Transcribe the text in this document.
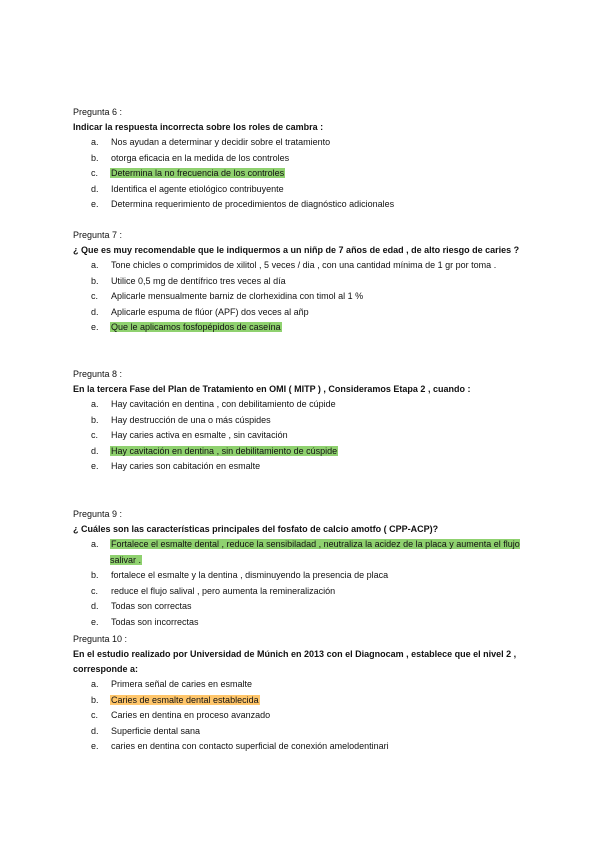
Pregunta 6 :
Indicar la respuesta incorrecta sobre los roles de cambra :
a. Nos ayudan a determinar y decidir sobre el tratamiento
b. otorga eficacia en la medida de los controles
c. Determina la no frecuencia de los controles
d. Identifica el agente etiológico contribuyente
e. Determina requerimiento de procedimientos de diagnóstico adicionales
Pregunta 7 :
¿ Que es muy recomendable que le indiquermos a un niñp de 7 años de edad , de alto riesgo de caries ?
a. Tone chicles o comprimidos de xilitol , 5 veces / dia , con una cantidad mínima de 1 gr por toma .
b. Utilice 0,5 mg de dentífrico tres veces al día
c. Aplicarle mensualmente barniz de clorhexidina con timol al 1 %
d. Aplicarle espuma de flúor (APF) dos veces al añp
e. Que le aplicamos fosfopépidos de caseína
Pregunta 8 :
En la tercera Fase del Plan de Tratamiento en OMI ( MITP ) , Consideramos Etapa 2 , cuando :
a. Hay cavitación en dentina , con debilitamiento de cúpide
b. Hay destrucción de una o más cúspides
c. Hay caries activa en esmalte , sin cavitación
d. Hay cavitación en dentina , sin debilitamiento de cúspide
e. Hay caries son cabitación en esmalte
Pregunta 9 :
¿ Cuáles son las características principales del fosfato de calcio amotfo ( CPP-ACP)?
a. Fortalece el esmalte dental , reduce la sensibiladad , neutraliza la acidez de la placa y aumenta el flujo salivar .
b. fortalece el esmalte y la dentina , disminuyendo la presencia de placa
c. reduce el flujo salival , pero aumenta la remineralización
d. Todas son correctas
e. Todas son incorrectas
Pregunta 10 :
En el estudio realizado por Universidad de Múnich en 2013 con el Diagnocam , establece que el nivel 2 , corresponde a:
a. Primera señal de caries en esmalte
b. Caries de esmalte dental establecida
c. Caries en dentina en proceso avanzado
d. Superficie dental sana
e. caries en dentina con contacto superficial de conexión amelodentinari
